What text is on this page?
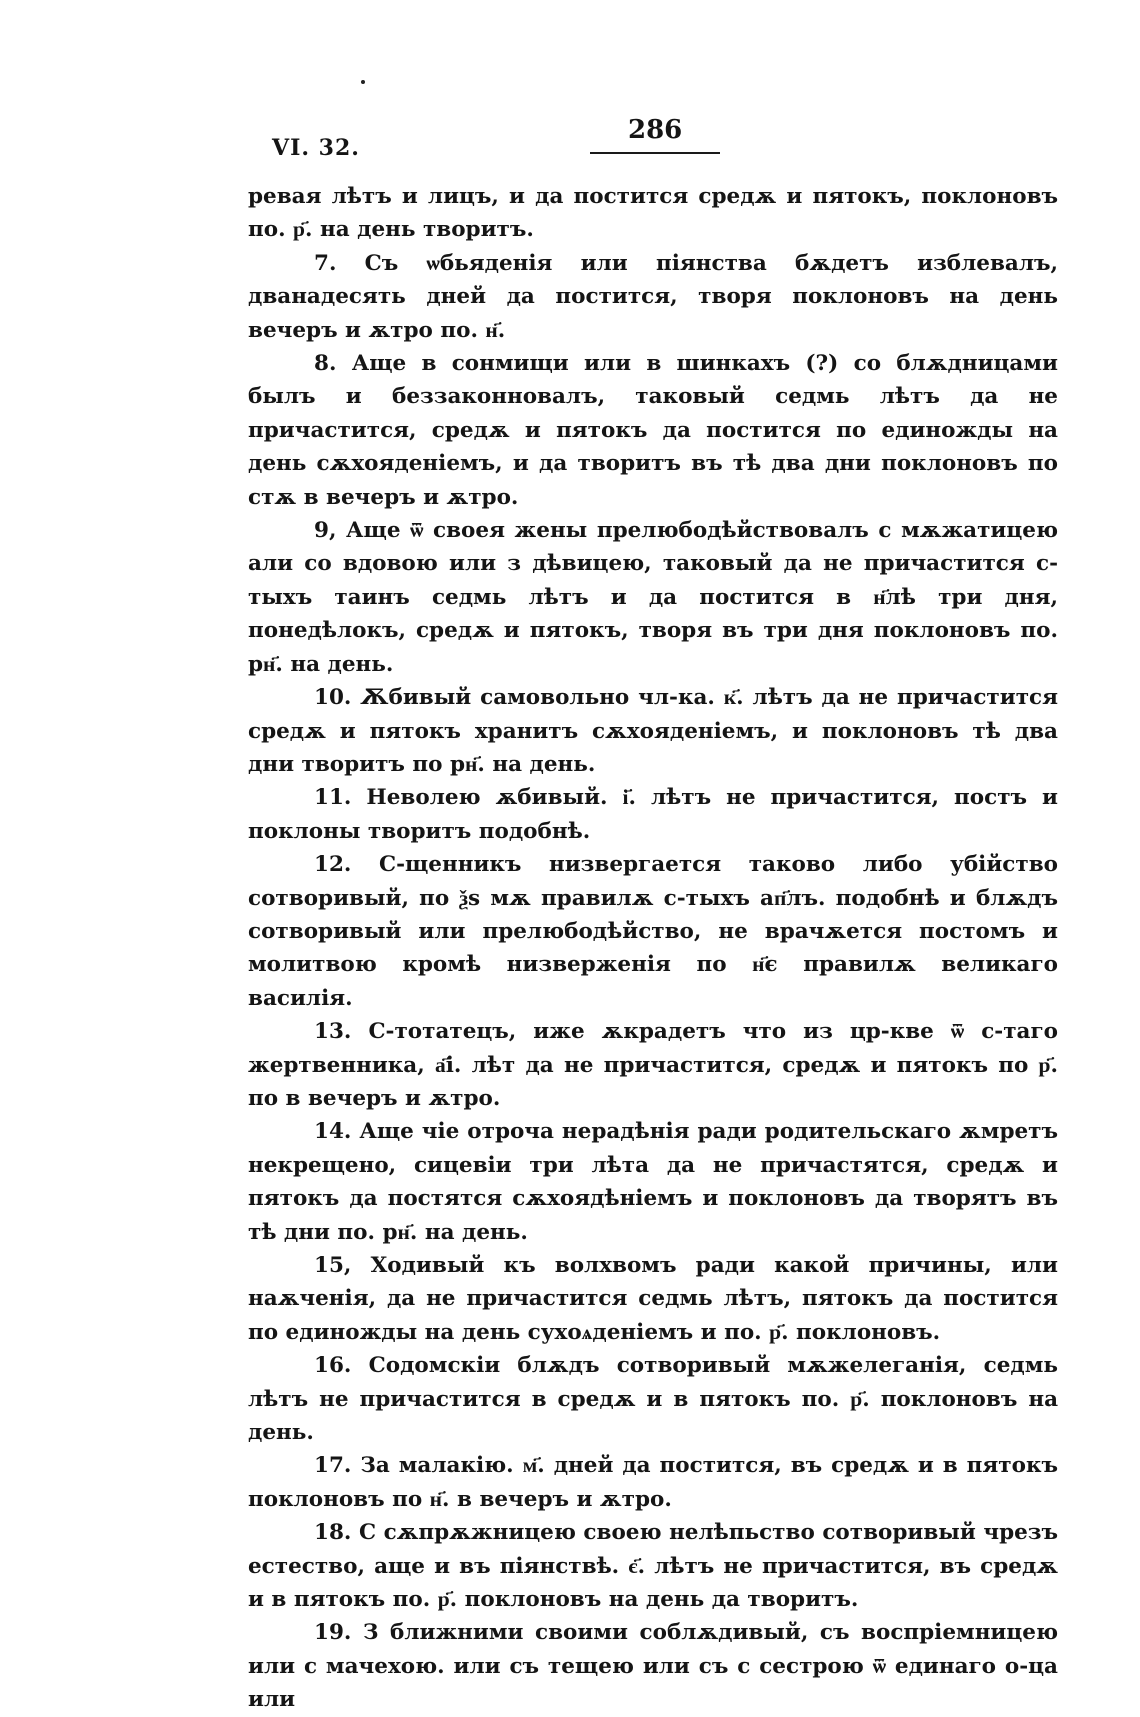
VI. 32.
286

ревая лѣтъ и лицъ, и да постится средѫ и пятокъ, поклоновъ по. р҃. на день творитъ.

7. Съ ѡбьяденія или піянства бѫдетъ изблевалъ, дванадесять дней да постится, творя поклоновъ на день вечеръ и ѫтро по. н҃.

8. Аще в сонмищи или в шинкахъ (?) со блѫдницами былъ и беззаконновалъ, таковый седмь лѣтъ да не причастится, средѫ и пятокъ да постится по единожды на день сѫхояденіемъ, и да творитъ въ тѣ два дни поклоновъ по стѫ в вечеръ и ѫтро.

9, Аще ѿ своея жены прелюбодѣйствовалъ с мѫжатицею али со вдовою или з дѣвицею, таковый да не причастится с-тыхъ таинъ седмь лѣтъ и да постится в н҃лѣ три дня, понедѣлокъ, средѫ и пятокъ, творя въ три дня поклоновъ по. рн҃. на день.

10. Ѫбивый самовольно чл-ка. к҃. лѣтъ да не причастится средѫ и пятокъ хранитъ сѫхояденіемъ, и поклоновъ тѣ два дни творитъ по рн҃. на день.

11. Неволею ѫбивый. і҃. лѣтъ не причастится, постъ и поклоны творитъ подобнѣ.

12. С-щенникъ низвергается таково либо убійство сотворивый, по ѯѕ мѫ правилѫ с-тыхъ ап҃лъ. подобнѣ и блѫдъ сотворивый или прелюбодѣйство, не врачѫется постомъ и молитвою кромѣ низверженія по н҃є правилѫ великаго василія.

13. С-тотатецъ, иже ѫкрадетъ что из цр-кве ѿ с-таго жертвенника, а҃і. лѣт да не причастится, средѫ и пятокъ по р҃. по в вечеръ и ѫтро.

14. Аще чіе отроча нерадѣнія ради родительскаго ѫмретъ некрещено, сицевіи три лѣта да не причастятся, средѫ и пятокъ да постятся сѫхоядѣніемъ и поклоновъ да творятъ въ тѣ дни по. рн҃. на день.

15, Ходивый къ волхвомъ ради какой причины, или наѫченія, да не причастится седмь лѣтъ, пятокъ да постится по единожды на день сухоѧденіемъ и по. р҃. поклоновъ.

16. Содомскіи блѫдъ сотворивый мѫжелеганія, седмь лѣтъ не причастится в средѫ и в пятокъ по. р҃. поклоновъ на день.

17. За малакію. м҃. дней да постится, въ средѫ и в пятокъ поклоновъ по н҃. в вечеръ и ѫтро.

18. С сѫпрѫжницею своею нелѣпьство сотворивый чрезъ естество, аще и въ піянствѣ. є҃. лѣтъ не причастится, въ средѫ и в пятокъ по. р҃. поклоновъ на день да творитъ.

19. З ближними своими соблѫдивый, съ воспріемницею или с мачехою. или съ тещею или съ с сестрою ѿ единаго о-ца или
